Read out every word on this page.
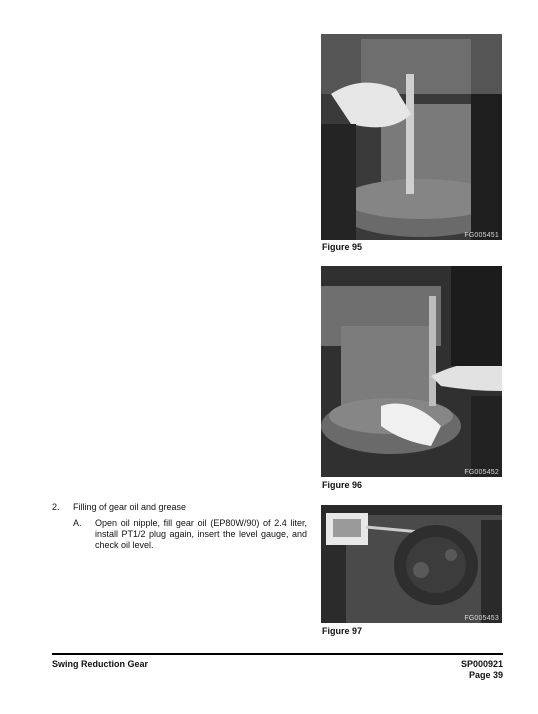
FG005451
Figure 95
FG005452
Figure 96
FG005453
Figure 97
2. Filling of gear oil and grease
A. Open oil nipple, fill gear oil (EP80W/90) of 2.4 liter, install PT1/2 plug again, insert the level gauge, and check oil level.
Swing Reduction Gear	SP000921
Page 39
